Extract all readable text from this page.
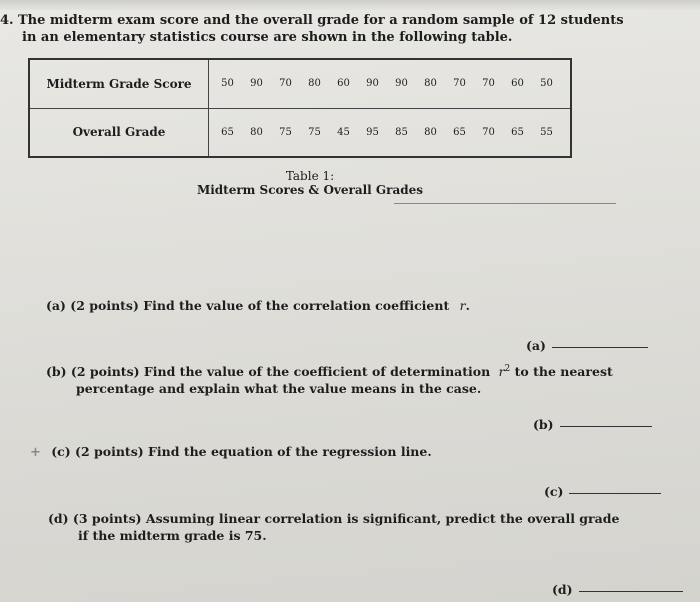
4. The midterm exam score and the overall grade for a random sample of 12 students
in an elementary statistics course are shown in the following table.
Midterm Grade Score	50 90 70 80 60 90 90 80 70 70 60 50

Overall Grade	65 80 75 75 45 95 85 80 65 70 65 55
Table 1:
Midterm Scores & Overall Grades
(a) (2 points) Find the value of the correlation coefficient r.
(a)
(b) (2 points) Find the value of the coefficient of determination $r^2$ to the nearest
percentage and explain what the value means in the case.
(b)
+ (c) (2 points) Find the equation of the regression line.
(c)
(d) (3 points) Assuming linear correlation is significant, predict the overall grade
if the midterm grade is 75.
(d)
